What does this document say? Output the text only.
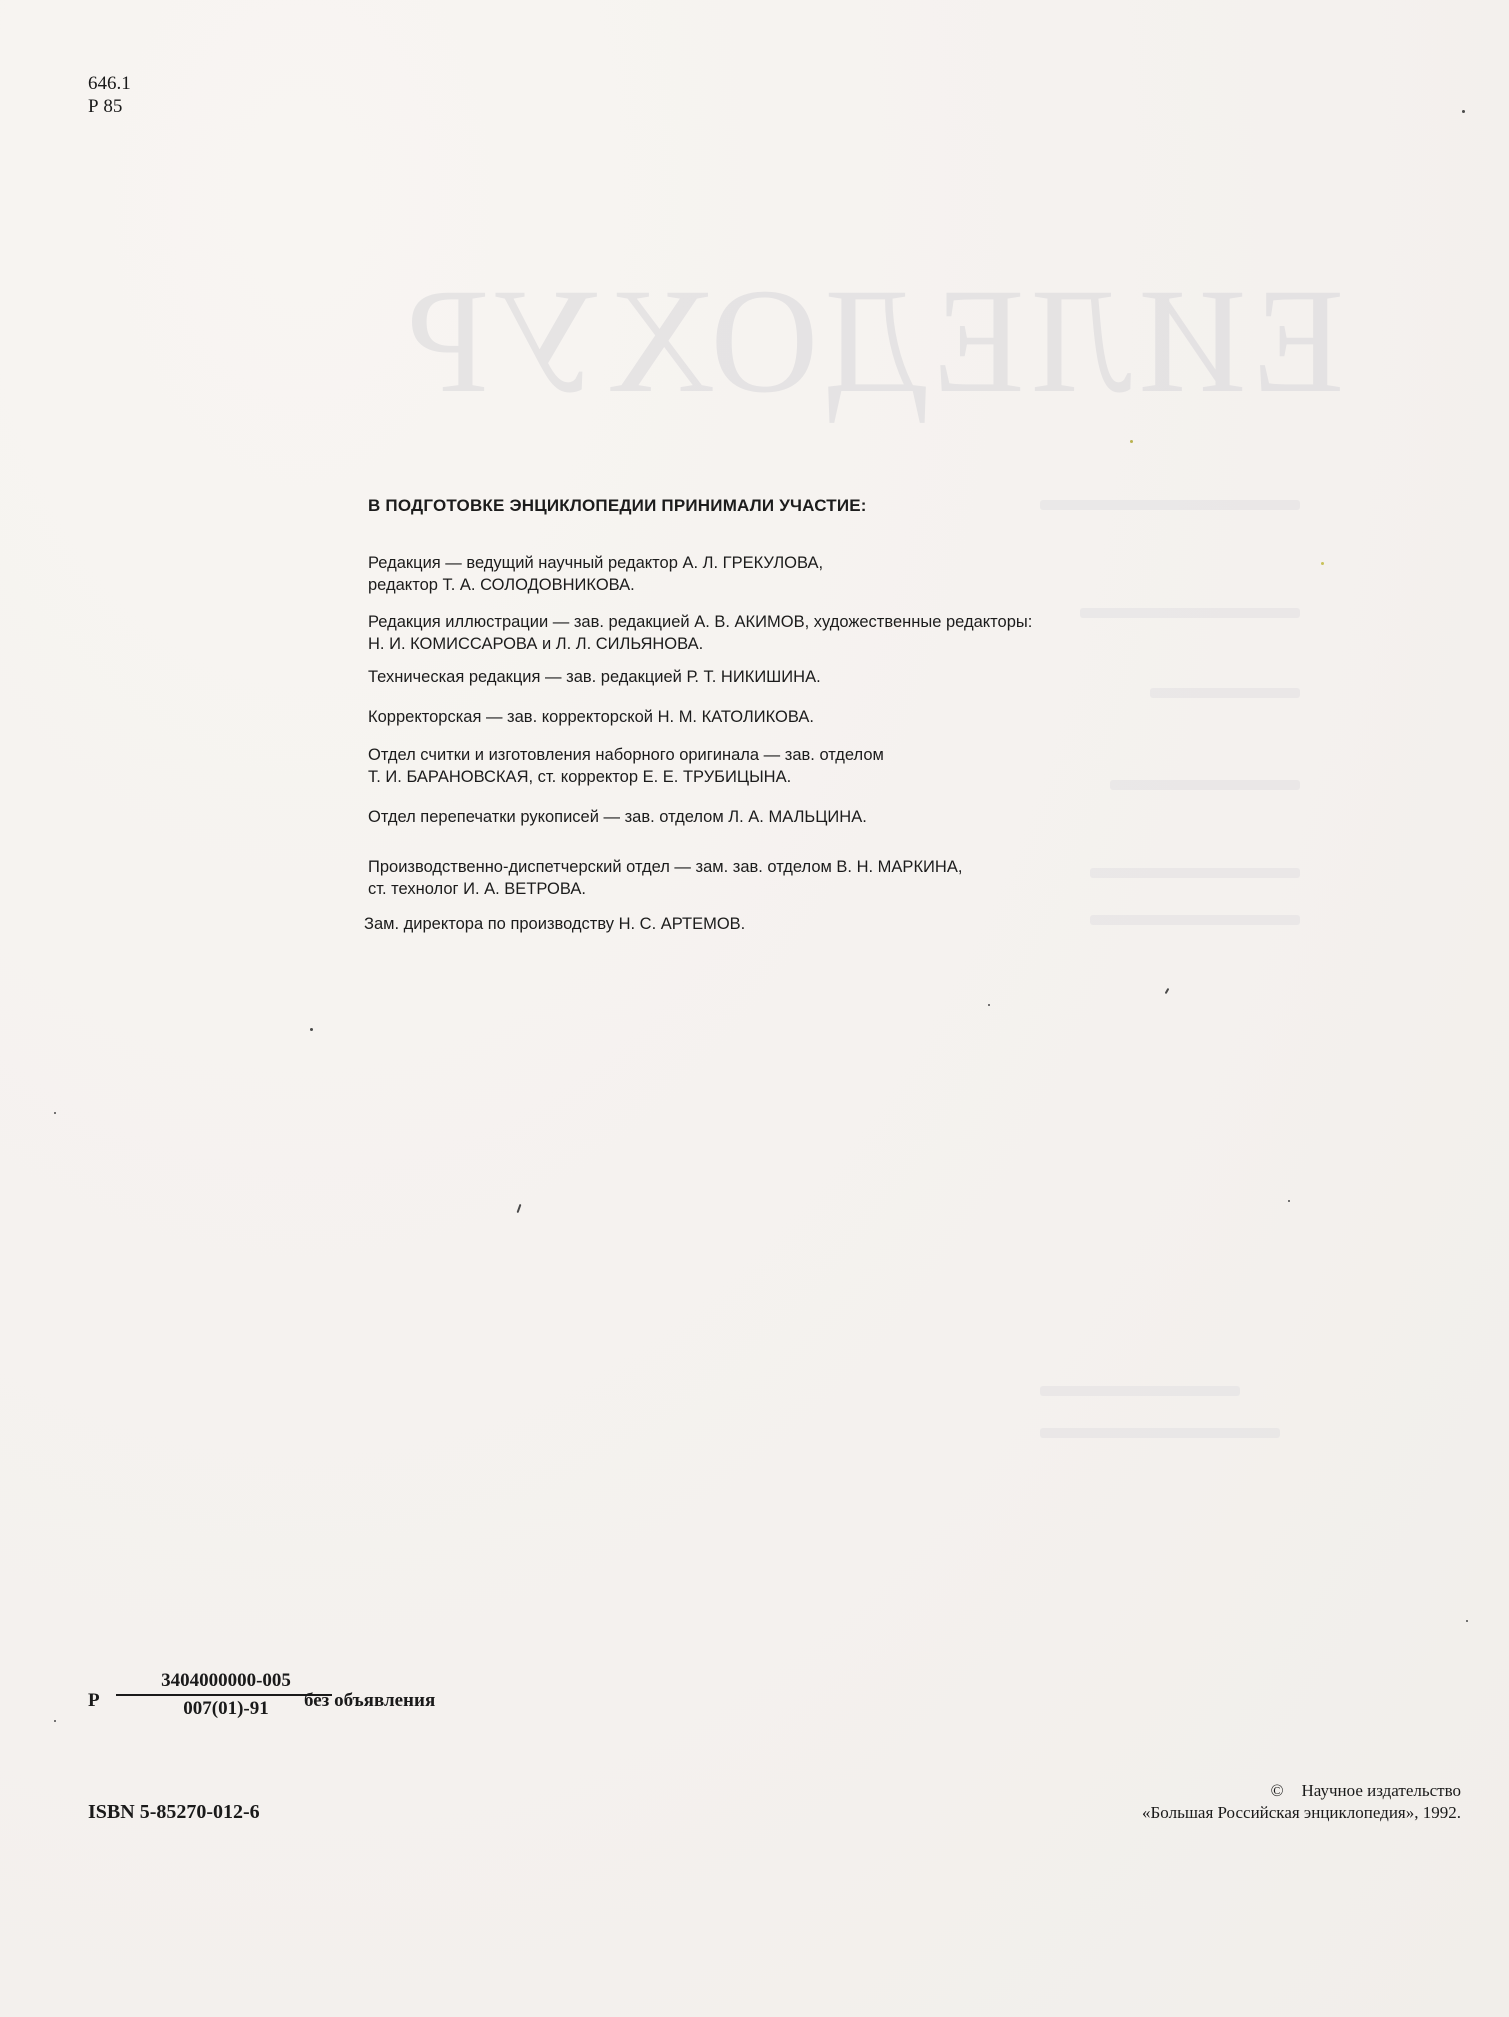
ЕИЛЕДОХУР
646.1
Р 85
В ПОДГОТОВКЕ ЭНЦИКЛОПЕДИИ ПРИНИМАЛИ УЧАСТИЕ:
Редакция — ведущий научный редактор А. Л. ГРЕКУЛОВА,
редактор Т. А. СОЛОДОВНИКОВА.
Редакция иллюстрации — зав. редакцией А. В. АКИМОВ, художественные редакторы:
Н. И. КОМИССАРОВА и Л. Л. СИЛЬЯНОВА.
Техническая редакция — зав. редакцией Р. Т. НИКИШИНА.
Корректорская — зав. корректорской Н. М. КАТОЛИКОВА.
Отдел считки и изготовления наборного оригинала — зав. отделом
Т. И. БАРАНОВСКАЯ, ст. корректор Е. Е. ТРУБИЦЫНА.
Отдел перепечатки рукописей — зав. отделом Л. А. МАЛЬЦИНА.
Производственно-диспетчерский отдел — зам. зав. отделом В. Н. МАРКИНА,
ст. технолог И. А. ВЕТРОВА.
Зам. директора по производству Н. С. АРТЕМОВ.
Р
3404000000-005
007(01)-91	без объявления
ISBN 5-85270-012-6
© Научное издательство
«Большая Российская энциклопедия», 1992.
